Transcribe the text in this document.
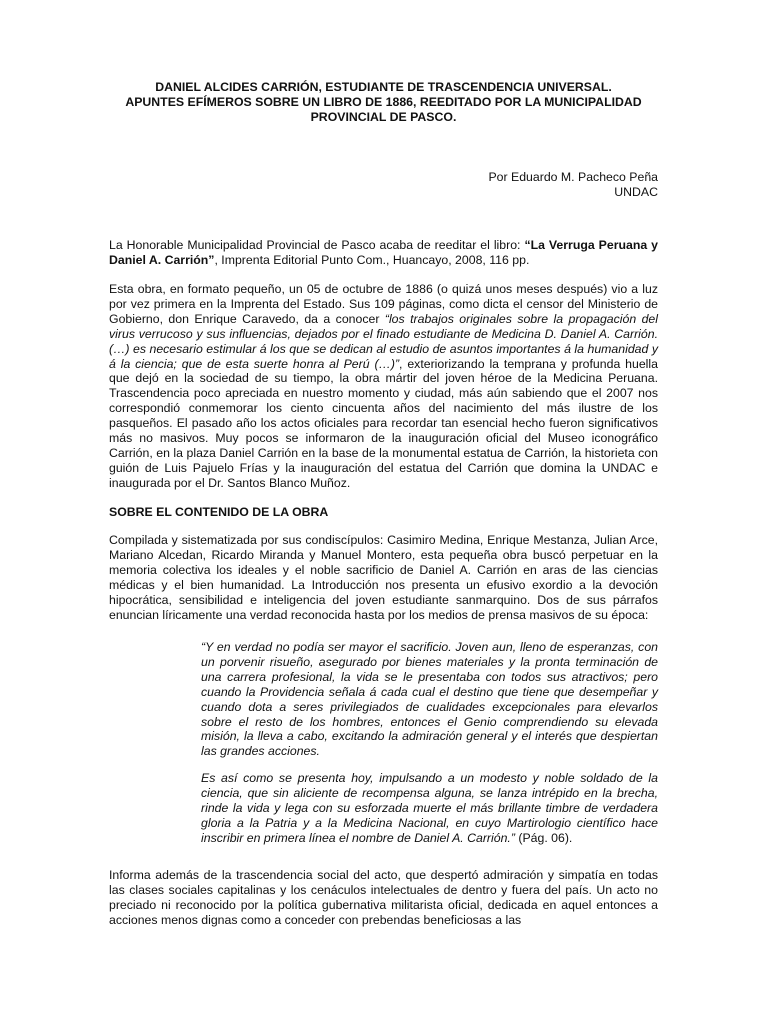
DANIEL ALCIDES CARRIÓN, ESTUDIANTE DE TRASCENDENCIA UNIVERSAL.
APUNTES EFÍMEROS SOBRE UN LIBRO DE 1886, REEDITADO POR LA MUNICIPALIDAD
PROVINCIAL DE PASCO.
Por Eduardo M. Pacheco Peña
UNDAC

La Honorable Municipalidad Provincial de Pasco acaba de reeditar el libro: “La Verruga Peruana y Daniel A. Carrión”, Imprenta Editorial Punto Com., Huancayo, 2008, 116 pp.

Esta obra, en formato pequeño, un 05 de octubre de 1886 (o quizá unos meses después) vio a luz por vez primera en la Imprenta del Estado. Sus 109 páginas, como dicta el censor del Ministerio de Gobierno, don Enrique Caravedo, da a conocer “los trabajos originales sobre la propagación del virus verrucoso y sus influencias, dejados por el finado estudiante de Medicina D. Daniel A. Carrión. (…) es necesario estimular á los que se dedican al estudio de asuntos importantes á la humanidad y á la ciencia; que de esta suerte honra al Perú (…)”, exteriorizando la temprana y profunda huella que dejó en la sociedad de su tiempo, la obra mártir del joven héroe de la Medicina Peruana. Trascendencia poco apreciada en nuestro momento y ciudad, más aún sabiendo que el 2007 nos correspondió conmemorar los ciento cincuenta años del nacimiento del más ilustre de los pasqueños. El pasado año los actos oficiales para recordar tan esencial hecho fueron significativos más no masivos. Muy pocos se informaron de la inauguración oficial del Museo iconográfico Carrión, en la plaza Daniel Carrión en la base de la monumental estatua de Carrión, la historieta con guión de Luis Pajuelo Frías y la inauguración del estatua del Carrión que domina la UNDAC e inaugurada por el Dr. Santos Blanco Muñoz.

SOBRE EL CONTENIDO DE LA OBRA

Compilada y sistematizada por sus condiscípulos: Casimiro Medina, Enrique Mestanza, Julian Arce, Mariano Alcedan, Ricardo Miranda y Manuel Montero, esta pequeña obra buscó perpetuar en la memoria colectiva los ideales y el noble sacrificio de Daniel A. Carrión en aras de las ciencias médicas y el bien humanidad. La Introducción nos presenta un efusivo exordio a la devoción hipocrática, sensibilidad e inteligencia del joven estudiante sanmarquino. Dos de sus párrafos enuncian líricamente una verdad reconocida hasta por los medios de prensa masivos de su época:

“Y en verdad no podía ser mayor el sacrificio. Joven aun, lleno de esperanzas, con un porvenir risueño, asegurado por bienes materiales y la pronta terminación de una carrera profesional, la vida se le presentaba con todos sus atractivos; pero cuando la Providencia señala á cada cual el destino que tiene que desempeñar y cuando dota a seres privilegiados de cualidades excepcionales para elevarlos sobre el resto de los hombres, entonces el Genio comprendiendo su elevada misión, la lleva a cabo, excitando la admiración general y el interés que despiertan las grandes acciones.

Es así como se presenta hoy, impulsando a un modesto y noble soldado de la ciencia, que sin aliciente de recompensa alguna, se lanza intrépido en la brecha, rinde la vida y lega con su esforzada muerte el más brillante timbre de verdadera gloria a la Patria y a la Medicina Nacional, en cuyo Martirologio científico hace inscribir en primera línea el nombre de Daniel A. Carrión.” (Pág. 06).

Informa además de la trascendencia social del acto, que despertó admiración y simpatía en todas las clases sociales capitalinas y los cenáculos intelectuales de dentro y fuera del país. Un acto no preciado ni reconocido por la política gubernativa militarista oficial, dedicada en aquel entonces a acciones menos dignas como a conceder con prebendas beneficiosas a las
